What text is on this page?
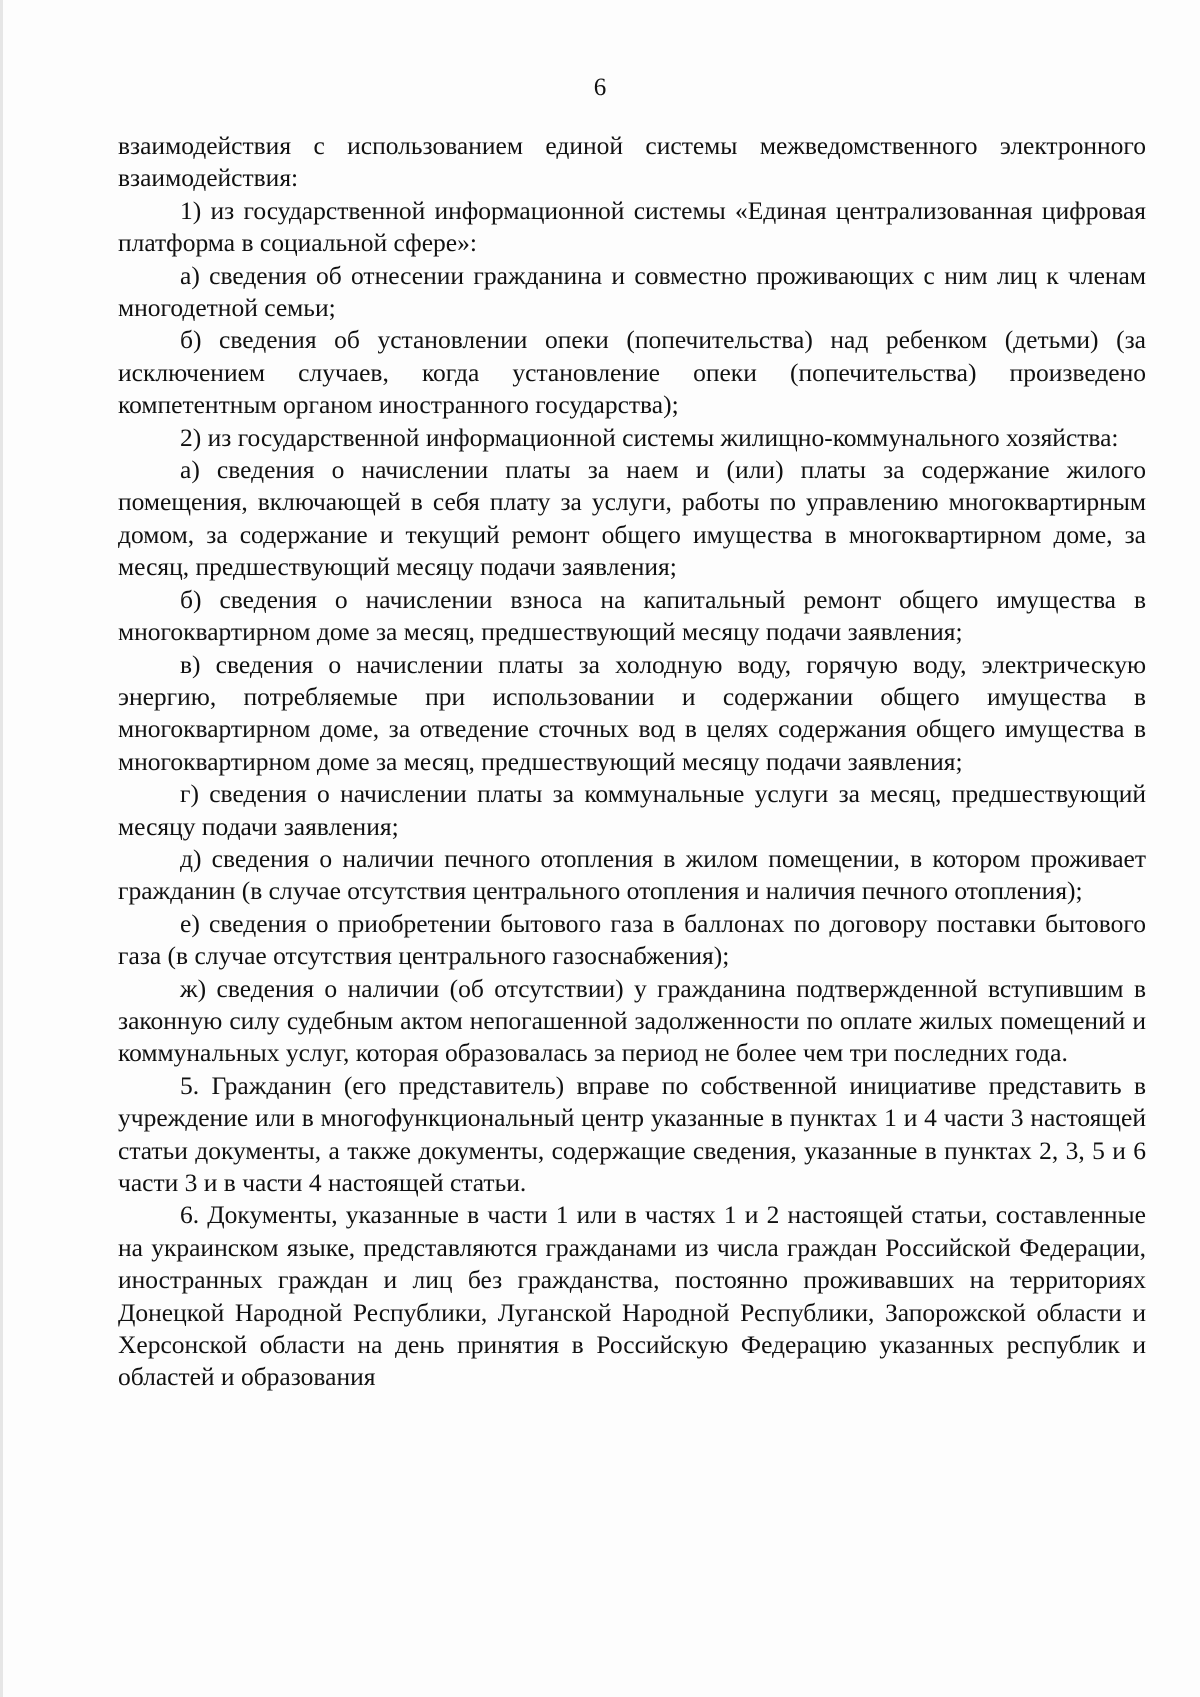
6

взаимодействия с использованием единой системы межведомственного электронного взаимодействия:

1) из государственной информационной системы «Единая централизованная цифровая платформа в социальной сфере»:

а) сведения об отнесении гражданина и совместно проживающих с ним лиц к членам многодетной семьи;

б) сведения об установлении опеки (попечительства) над ребенком (детьми) (за исключением случаев, когда установление опеки (попечительства) произведено компетентным органом иностранного государства);

2) из государственной информационной системы жилищно-коммунального хозяйства:

а) сведения о начислении платы за наем и (или) платы за содержание жилого помещения, включающей в себя плату за услуги, работы по управлению многоквартирным домом, за содержание и текущий ремонт общего имущества в многоквартирном доме, за месяц, предшествующий месяцу подачи заявления;

б) сведения о начислении взноса на капитальный ремонт общего имущества в многоквартирном доме за месяц, предшествующий месяцу подачи заявления;

в) сведения о начислении платы за холодную воду, горячую воду, электрическую энергию, потребляемые при использовании и содержании общего имущества в многоквартирном доме, за отведение сточных вод в целях содержания общего имущества в многоквартирном доме за месяц, предшествующий месяцу подачи заявления;

г) сведения о начислении платы за коммунальные услуги за месяц, предшествующий месяцу подачи заявления;

д) сведения о наличии печного отопления в жилом помещении, в котором проживает гражданин (в случае отсутствия центрального отопления и наличия печного отопления);

е) сведения о приобретении бытового газа в баллонах по договору поставки бытового газа (в случае отсутствия центрального газоснабжения);

ж) сведения о наличии (об отсутствии) у гражданина подтвержденной вступившим в законную силу судебным актом непогашенной задолженности по оплате жилых помещений и коммунальных услуг, которая образовалась за период не более чем три последних года.

5. Гражданин (его представитель) вправе по собственной инициативе представить в учреждение или в многофункциональный центр указанные в пунктах 1 и 4 части 3 настоящей статьи документы, а также документы, содержащие сведения, указанные в пунктах 2, 3, 5 и 6 части 3 и в части 4 настоящей статьи.

6. Документы, указанные в части 1 или в частях 1 и 2 настоящей статьи, составленные на украинском языке, представляются гражданами из числа граждан Российской Федерации, иностранных граждан и лиц без гражданства, постоянно проживавших на территориях Донецкой Народной Республики, Луганской Народной Республики, Запорожской области и Херсонской области на день принятия в Российскую Федерацию указанных республик и областей и образования
